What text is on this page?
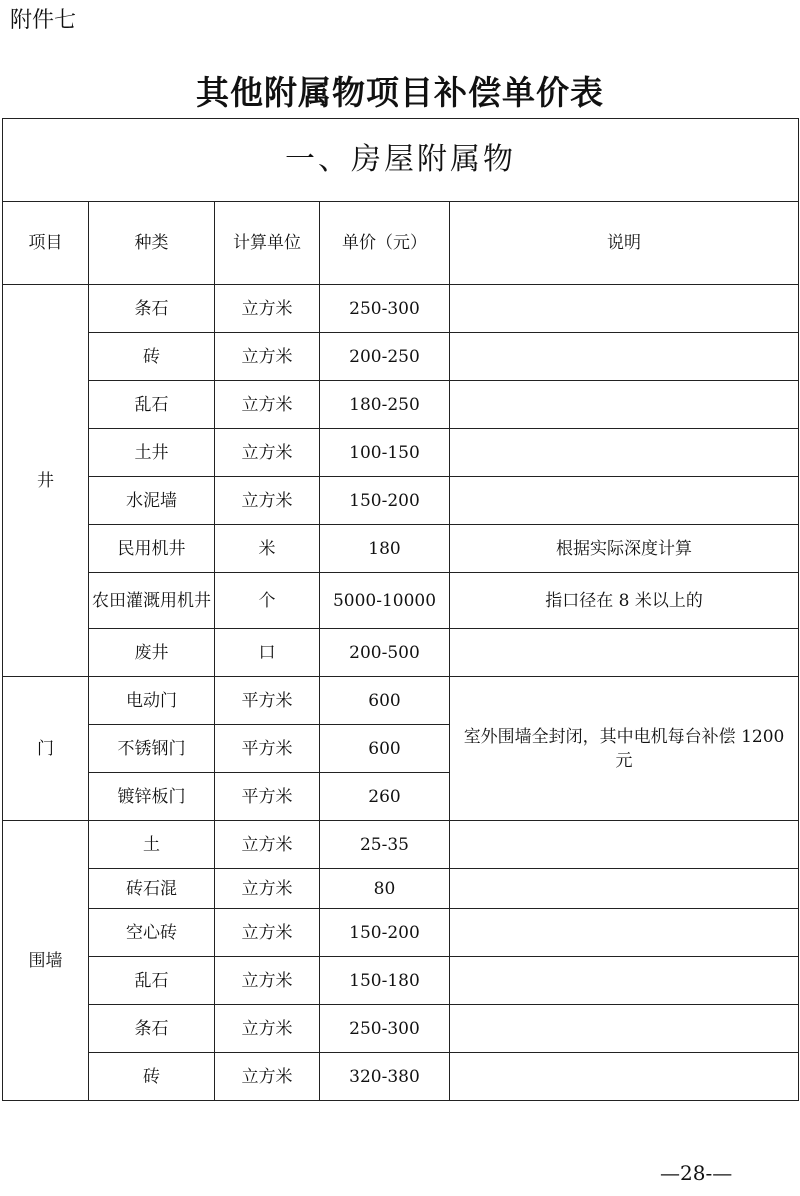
附件七

其他附属物项目补偿单价表
一、房屋附属物				
项目	种类	计算单位	单价（元）	说明
井	条石	立方米	250-300	
	砖	立方米	200-250	
	乱石	立方米	180-250	
	土井	立方米	100-150	
	水泥墙	立方米	150-200	
	民用机井	米	180	根据实际深度计算
	农田灌溉用机井	个	5000-10000	指口径在 8 米以上的
	废井	口	200-500	
门	电动门	平方米	600	室外围墙全封闭，其中电机每台补偿 1200 元
	不锈钢门	平方米	600	
	镀锌板门	平方米	260	
围墙	土	立方米	25-35	
	砖石混	立方米	80	
	空心砖	立方米	150-200	
	乱石	立方米	150-180	
	条石	立方米	250-300	
	砖	立方米	320-380	

—28-—
